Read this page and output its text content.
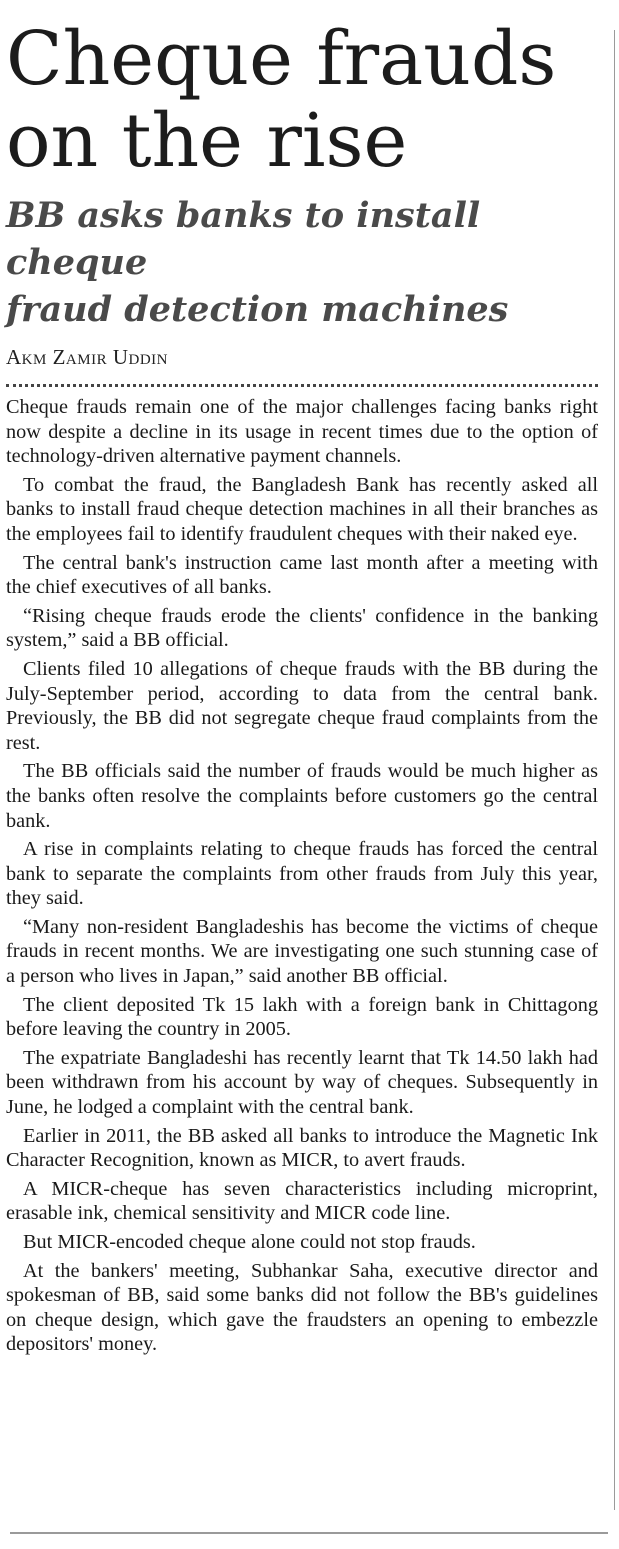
Cheque frauds
on the rise
BB asks banks to install cheque
fraud detection machines
Akm Zamir Uddin

Cheque frauds remain one of the major challenges facing banks right now despite a decline in its usage in recent times due to the option of technology-driven alternative payment channels.

To combat the fraud, the Bangladesh Bank has recently asked all banks to install fraud cheque detection machines in all their branches as the employees fail to identify fraudulent cheques with their naked eye.

The central bank's instruction came last month after a meeting with the chief executives of all banks.

“Rising cheque frauds erode the clients' confidence in the banking system,” said a BB official.

Clients filed 10 allegations of cheque frauds with the BB during the July-September period, according to data from the central bank. Previously, the BB did not segregate cheque fraud complaints from the rest.

The BB officials said the number of frauds would be much higher as the banks often resolve the complaints before customers go the central bank.

A rise in complaints relating to cheque frauds has forced the central bank to separate the complaints from other frauds from July this year, they said.

“Many non-resident Bangladeshis has become the victims of cheque frauds in recent months. We are investigating one such stunning case of a person who lives in Japan,” said another BB official.

The client deposited Tk 15 lakh with a foreign bank in Chittagong before leaving the country in 2005.

The expatriate Bangladeshi has recently learnt that Tk 14.50 lakh had been withdrawn from his account by way of cheques. Subsequently in June, he lodged a complaint with the central bank.

Earlier in 2011, the BB asked all banks to introduce the Magnetic Ink Character Recognition, known as MICR, to avert frauds.

A MICR-cheque has seven characteristics including microprint, erasable ink, chemical sensitivity and MICR code line.

But MICR-encoded cheque alone could not stop frauds.

At the bankers' meeting, Subhankar Saha, executive director and spokesman of BB, said some banks did not follow the BB's guidelines on cheque design, which gave the fraudsters an opening to embezzle depositors' money.
